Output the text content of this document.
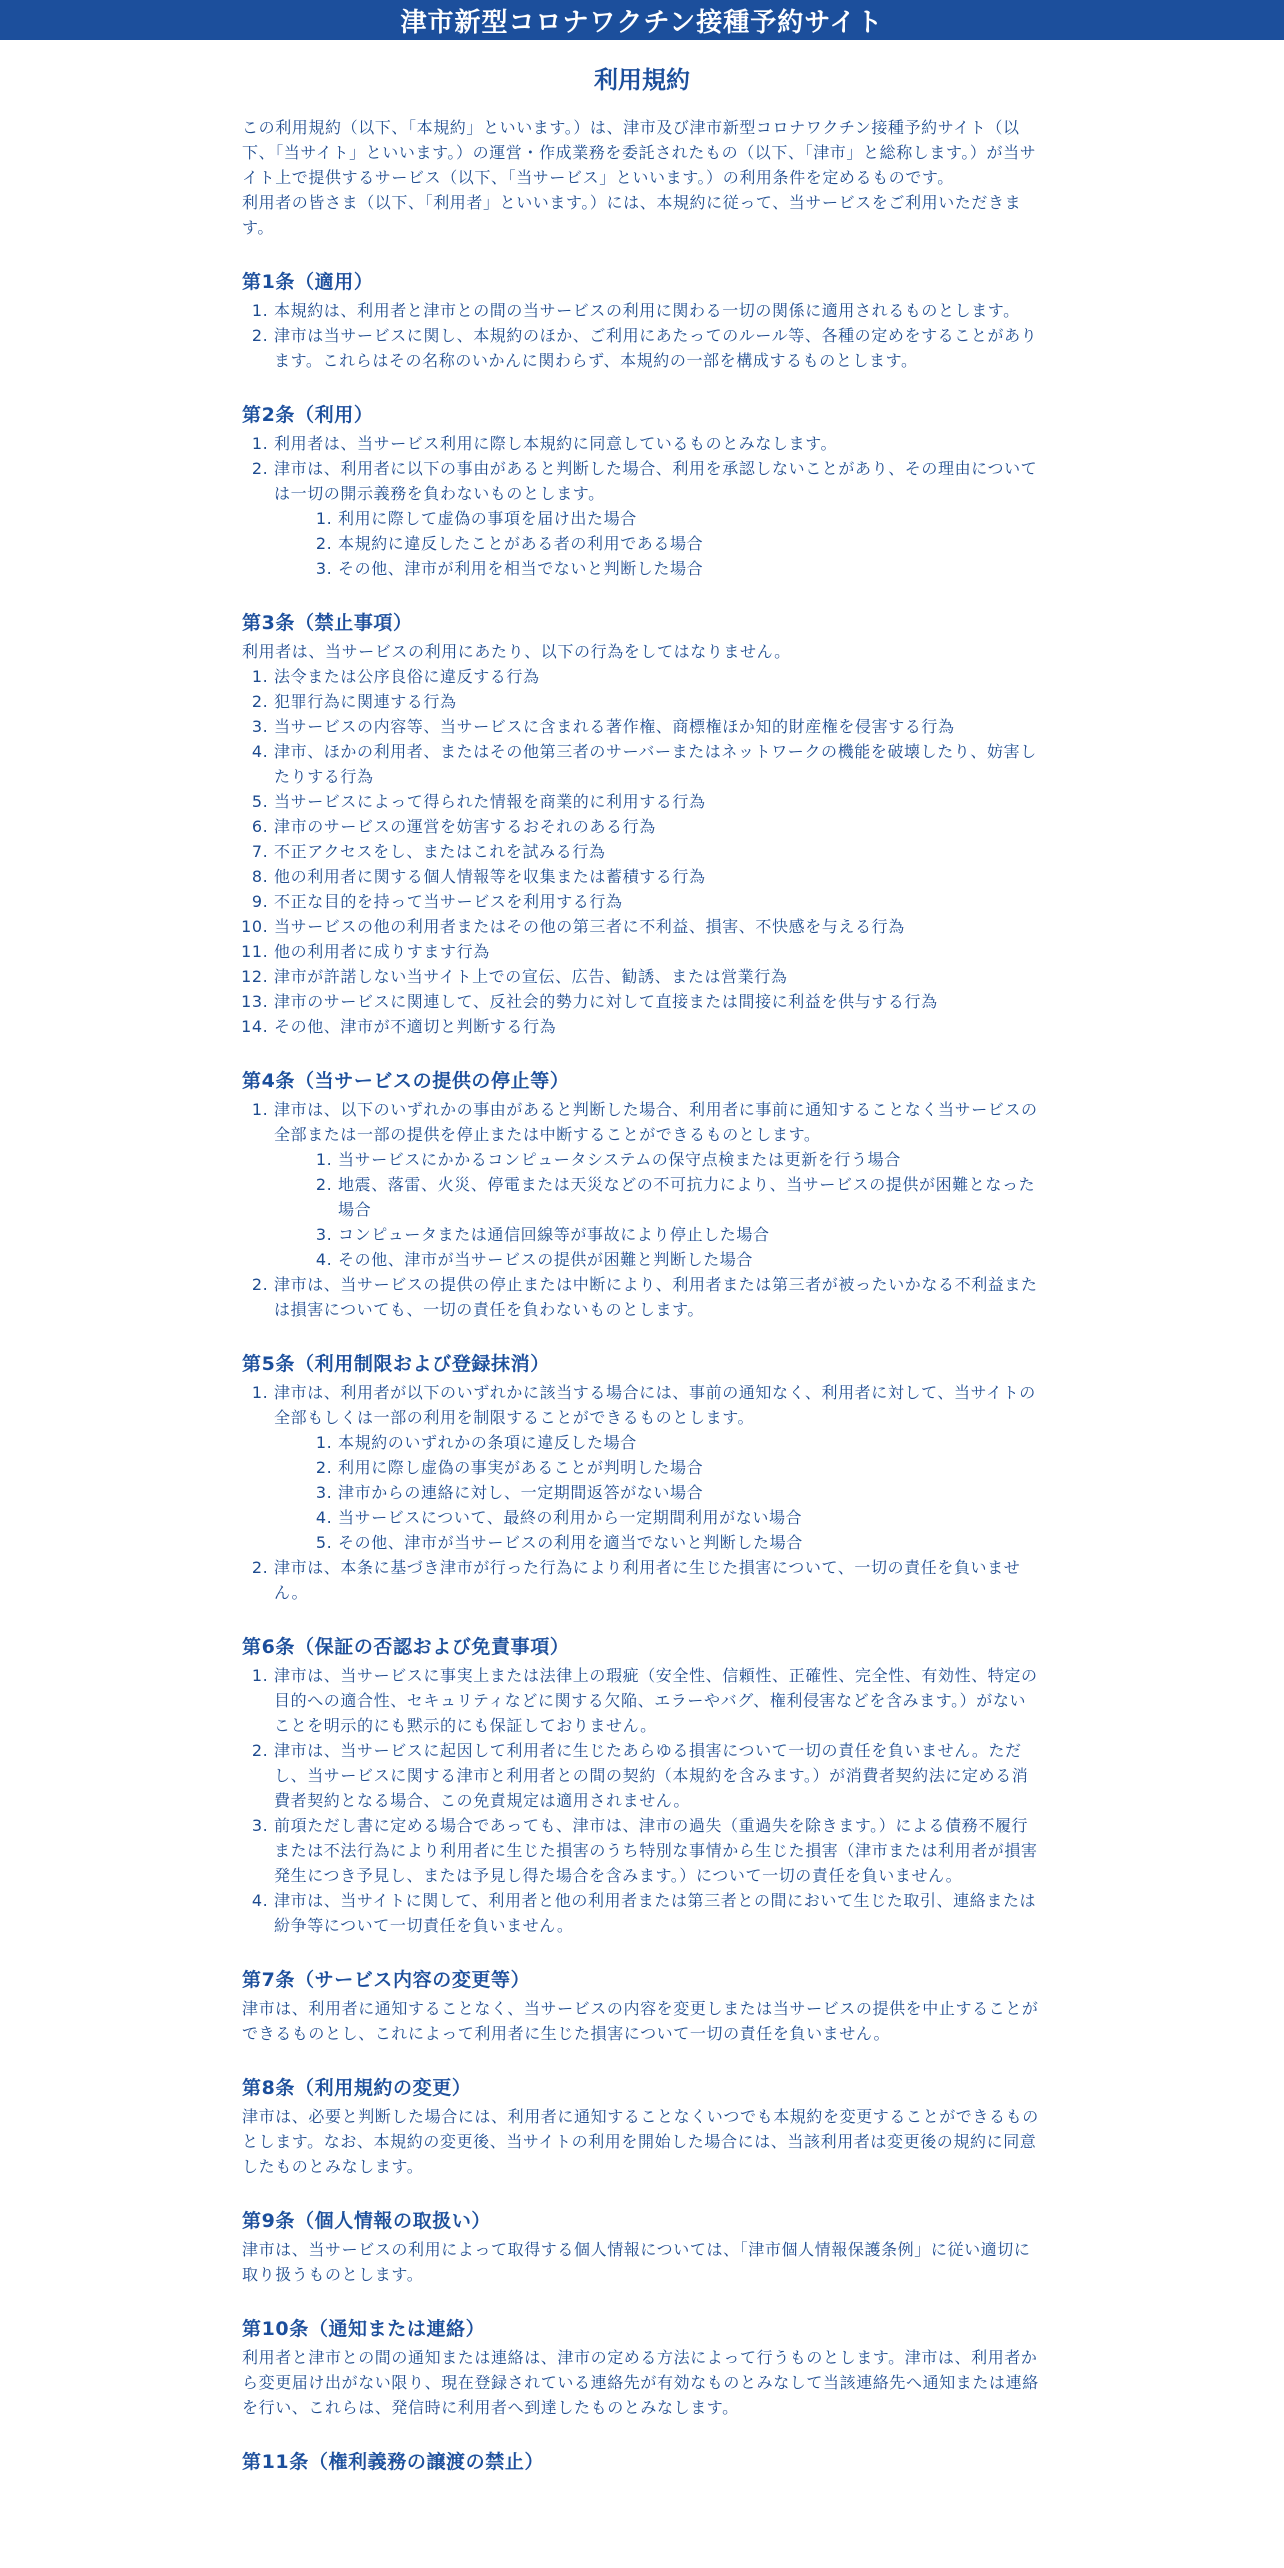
津市新型コロナワクチン接種予約サイト
利用規約

この利用規約（以下、「本規約」といいます。）は、津市及び津市新型コロナワクチン接種予約サイト（以下、「当サイト」といいます。）の運営・作成業務を委託されたもの（以下、「津市」と総称します。）が当サイト上で提供するサービス（以下、「当サービス」といいます。）の利用条件を定めるものです。
利用者の皆さま（以下、「利用者」といいます。）には、本規約に従って、当サービスをご利用いただきます。

第1条（適用）
1. 本規約は、利用者と津市との間の当サービスの利用に関わる一切の関係に適用されるものとします。
2. 津市は当サービスに関し、本規約のほか、ご利用にあたってのルール等、各種の定めをすることがあります。これらはその名称のいかんに関わらず、本規約の一部を構成するものとします。
第2条（利用）
1. 利用者は、当サービス利用に際し本規約に同意しているものとみなします。
2. 津市は、利用者に以下の事由があると判断した場合、利用を承認しないことがあり、その理由については一切の開示義務を負わないものとします。
1. 利用に際して虚偽の事項を届け出た場合
2. 本規約に違反したことがある者の利用である場合
3. その他、津市が利用を相当でないと判断した場合
第3条（禁止事項）

利用者は、当サービスの利用にあたり、以下の行為をしてはなりません。

1. 法令または公序良俗に違反する行為
2. 犯罪行為に関連する行為
3. 当サービスの内容等、当サービスに含まれる著作権、商標権ほか知的財産権を侵害する行為
4. 津市、ほかの利用者、またはその他第三者のサーバーまたはネットワークの機能を破壊したり、妨害したりする行為
5. 当サービスによって得られた情報を商業的に利用する行為
6. 津市のサービスの運営を妨害するおそれのある行為
7. 不正アクセスをし、またはこれを試みる行為
8. 他の利用者に関する個人情報等を収集または蓄積する行為
9. 不正な目的を持って当サービスを利用する行為
10. 当サービスの他の利用者またはその他の第三者に不利益、損害、不快感を与える行為
11. 他の利用者に成りすます行為
12. 津市が許諾しない当サイト上での宣伝、広告、勧誘、または営業行為
13. 津市のサービスに関連して、反社会的勢力に対して直接または間接に利益を供与する行為
14. その他、津市が不適切と判断する行為
第4条（当サービスの提供の停止等）
1. 津市は、以下のいずれかの事由があると判断した場合、利用者に事前に通知することなく当サービスの全部または一部の提供を停止または中断することができるものとします。
1. 当サービスにかかるコンピュータシステムの保守点検または更新を行う場合
2. 地震、落雷、火災、停電または天災などの不可抗力により、当サービスの提供が困難となった場合
3. コンピュータまたは通信回線等が事故により停止した場合
4. その他、津市が当サービスの提供が困難と判断した場合
2. 津市は、当サービスの提供の停止または中断により、利用者または第三者が被ったいかなる不利益または損害についても、一切の責任を負わないものとします。
第5条（利用制限および登録抹消）
1. 津市は、利用者が以下のいずれかに該当する場合には、事前の通知なく、利用者に対して、当サイトの全部もしくは一部の利用を制限することができるものとします。
1. 本規約のいずれかの条項に違反した場合
2. 利用に際し虚偽の事実があることが判明した場合
3. 津市からの連絡に対し、一定期間返答がない場合
4. 当サービスについて、最終の利用から一定期間利用がない場合
5. その他、津市が当サービスの利用を適当でないと判断した場合
2. 津市は、本条に基づき津市が行った行為により利用者に生じた損害について、一切の責任を負いません。
第6条（保証の否認および免責事項）
1. 津市は、当サービスに事実上または法律上の瑕疵（安全性、信頼性、正確性、完全性、有効性、特定の目的への適合性、セキュリティなどに関する欠陥、エラーやバグ、権利侵害などを含みます。）がないことを明示的にも黙示的にも保証しておりません。
2. 津市は、当サービスに起因して利用者に生じたあらゆる損害について一切の責任を負いません。ただし、当サービスに関する津市と利用者との間の契約（本規約を含みます。）が消費者契約法に定める消費者契約となる場合、この免責規定は適用されません。
3. 前項ただし書に定める場合であっても、津市は、津市の過失（重過失を除きます。）による債務不履行または不法行為により利用者に生じた損害のうち特別な事情から生じた損害（津市または利用者が損害発生につき予見し、または予見し得た場合を含みます。）について一切の責任を負いません。
4. 津市は、当サイトに関して、利用者と他の利用者または第三者との間において生じた取引、連絡または紛争等について一切責任を負いません。
第7条（サービス内容の変更等）

津市は、利用者に通知することなく、当サービスの内容を変更しまたは当サービスの提供を中止することができるものとし、これによって利用者に生じた損害について一切の責任を負いません。

第8条（利用規約の変更）

津市は、必要と判断した場合には、利用者に通知することなくいつでも本規約を変更することができるものとします。なお、本規約の変更後、当サイトの利用を開始した場合には、当該利用者は変更後の規約に同意したものとみなします。

第9条（個人情報の取扱い）

津市は、当サービスの利用によって取得する個人情報については、「津市個人情報保護条例」に従い適切に取り扱うものとします。

第10条（通知または連絡）

利用者と津市との間の通知または連絡は、津市の定める方法によって行うものとします。津市は、利用者から変更届け出がない限り、現在登録されている連絡先が有効なものとみなして当該連絡先へ通知または連絡を行い、これらは、発信時に利用者へ到達したものとみなします。

第11条（権利義務の譲渡の禁止）
